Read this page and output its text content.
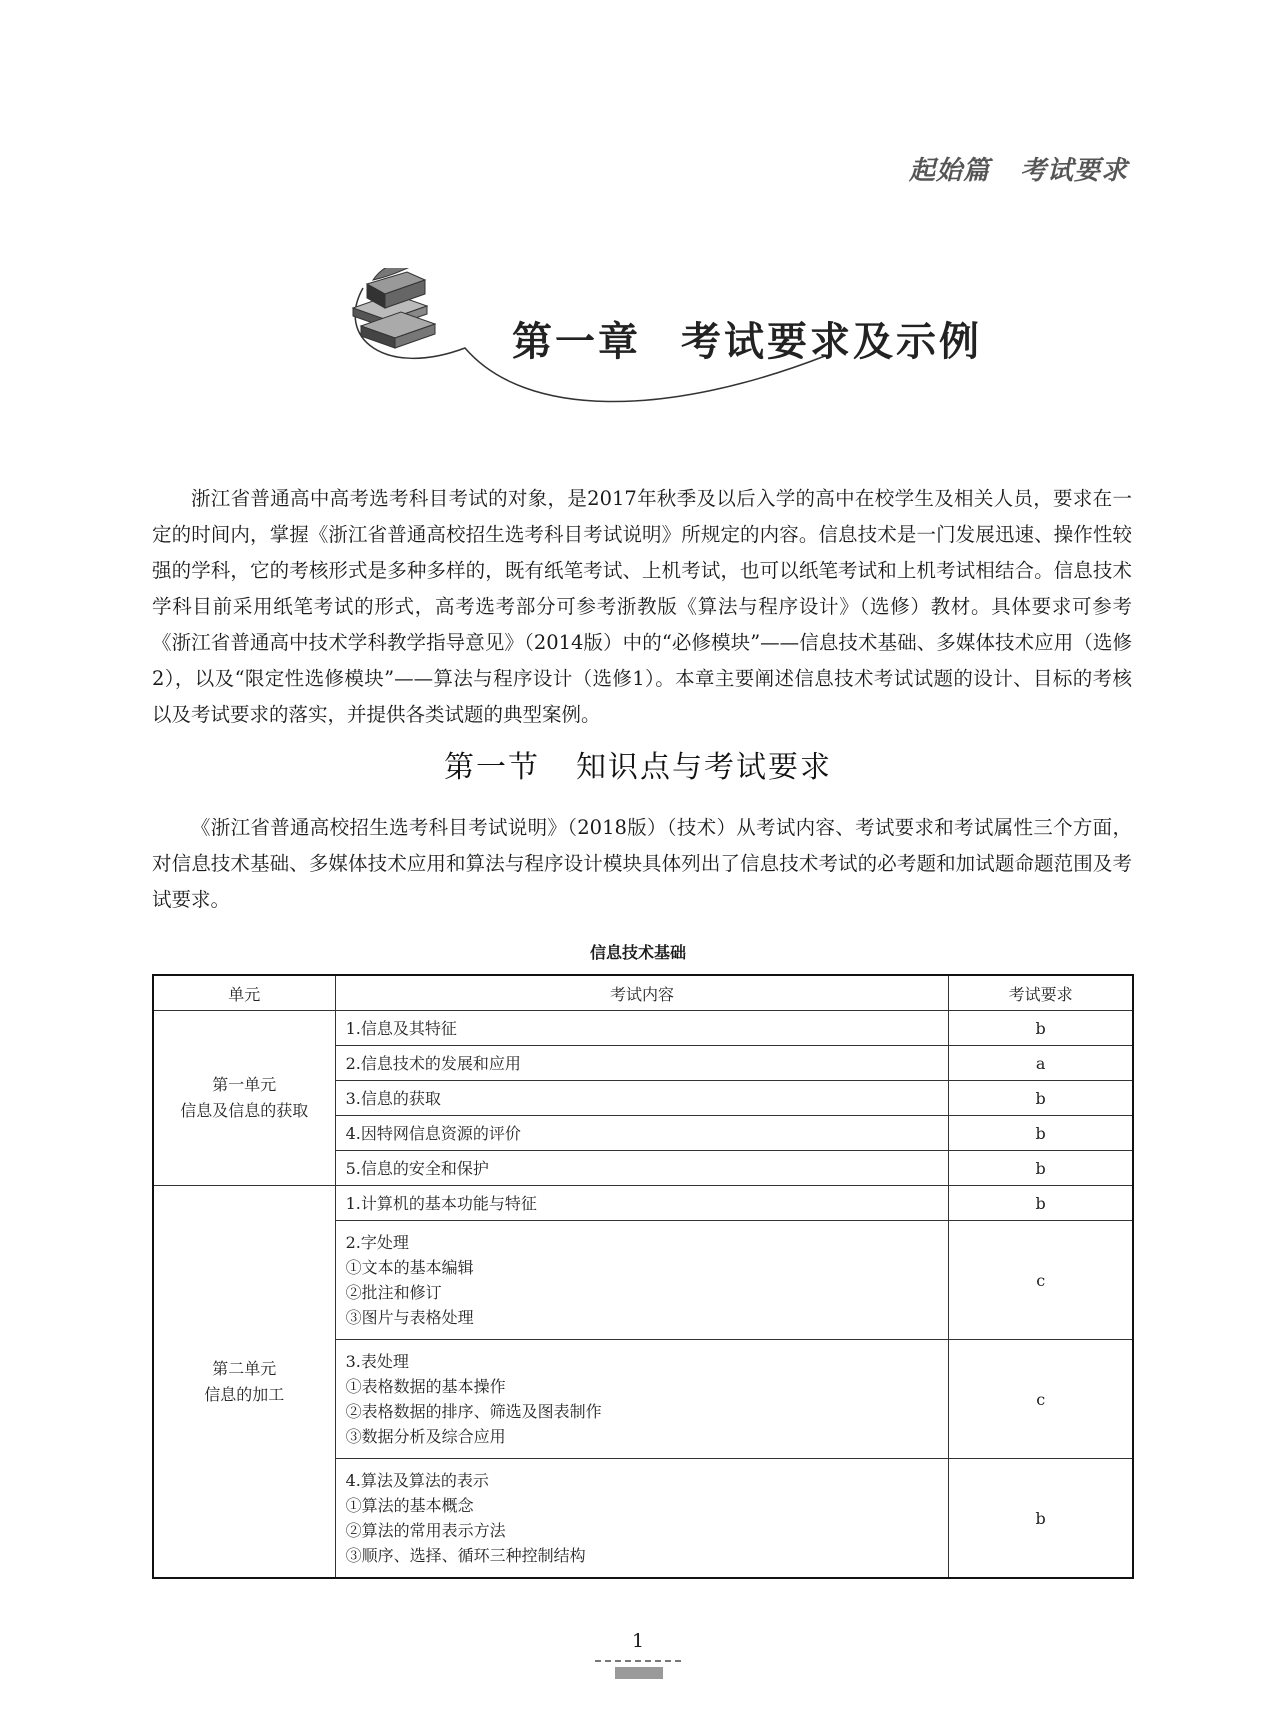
起始篇 考试要求
第一章 考试要求及示例

浙江省普通高中高考选考科目考试的对象，是2017年秋季及以后入学的高中在校学生及相关人员，要求在一定的时间内，掌握《浙江省普通高校招生选考科目考试说明》所规定的内容。信息技术是一门发展迅速、操作性较强的学科，它的考核形式是多种多样的，既有纸笔考试、上机考试，也可以纸笔考试和上机考试相结合。信息技术学科目前采用纸笔考试的形式，高考选考部分可参考浙教版《算法与程序设计》（选修）教材。具体要求可参考《浙江省普通高中技术学科教学指导意见》（2014版）中的“必修模块”——信息技术基础、多媒体技术应用（选修2），以及“限定性选修模块”——算法与程序设计（选修1）。本章主要阐述信息技术考试试题的设计、目标的考核以及考试要求的落实，并提供各类试题的典型案例。

第一节 知识点与考试要求

《浙江省普通高校招生选考科目考试说明》（2018版）（技术）从考试内容、考试要求和考试属性三个方面，对信息技术基础、多媒体技术应用和算法与程序设计模块具体列出了信息技术考试的必考题和加试题命题范围及考试要求。

信息技术基础
单元	考试内容	考试要求

第一单元
信息及信息的获取	1.信息及其特征	b
	2.信息技术的发展和应用	a
	3.信息的获取	b
	4.因特网信息资源的评价	b
	5.信息的安全和保护	b

第二单元
信息的加工	1.计算机的基本功能与特征	b

	2.字处理
①文本的基本编辑
②批注和修订
③图片与表格处理	c

	3.表处理
①表格数据的基本操作
②表格数据的排序、筛选及图表制作
③数据分析及综合应用	c

	4.算法及算法的表示
①算法的基本概念
②算法的常用表示方法
③顺序、选择、循环三种控制结构	b
1
